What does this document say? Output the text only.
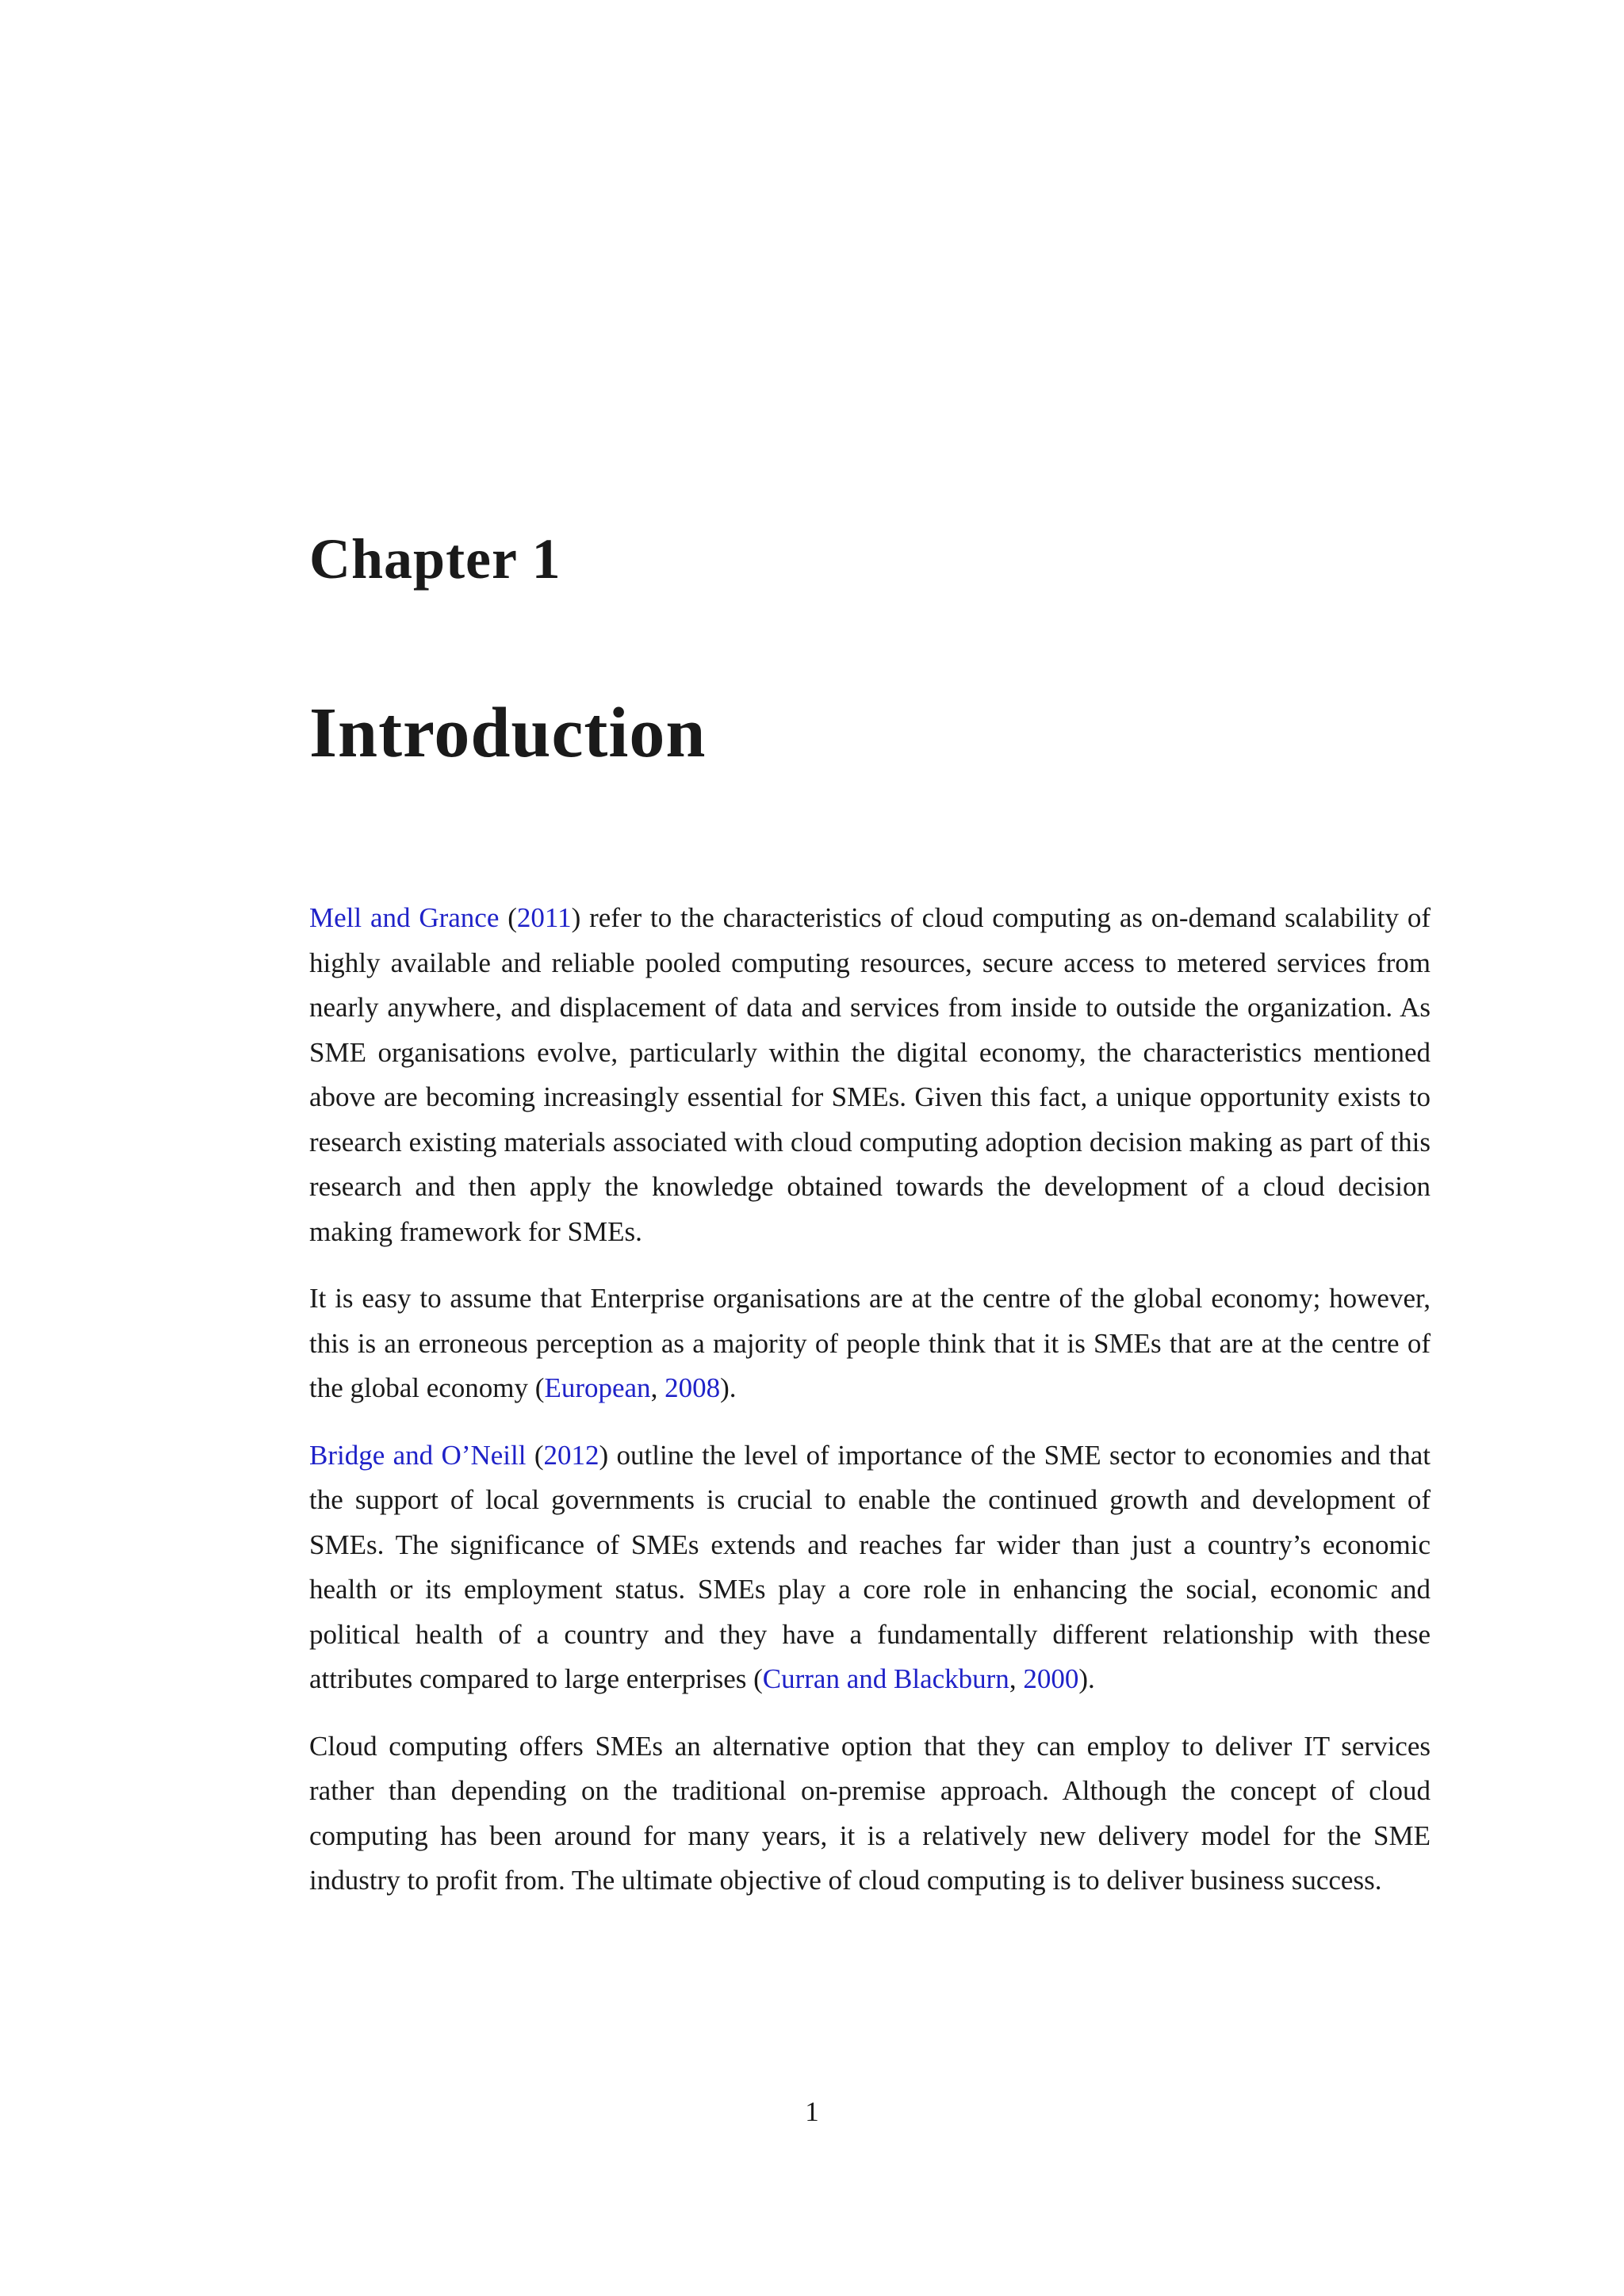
Chapter 1
Introduction

Mell and Grance (2011) refer to the characteristics of cloud computing as on-demand scalability of highly available and reliable pooled computing resources, secure access to metered services from nearly anywhere, and displacement of data and services from inside to outside the organization. As SME organisations evolve, particularly within the digital economy, the characteristics mentioned above are becoming increasingly essential for SMEs. Given this fact, a unique opportunity exists to research existing materials associated with cloud computing adoption decision making as part of this research and then apply the knowledge obtained towards the development of a cloud decision making framework for SMEs.

It is easy to assume that Enterprise organisations are at the centre of the global economy; however, this is an erroneous perception as a majority of people think that it is SMEs that are at the centre of the global economy (European, 2008).

Bridge and O’Neill (2012) outline the level of importance of the SME sector to economies and that the support of local governments is crucial to enable the continued growth and development of SMEs. The significance of SMEs extends and reaches far wider than just a country’s economic health or its employment status. SMEs play a core role in enhancing the social, economic and political health of a country and they have a fundamentally different relationship with these attributes compared to large enterprises (Curran and Blackburn, 2000).

Cloud computing offers SMEs an alternative option that they can employ to deliver IT services rather than depending on the traditional on-premise approach. Although the concept of cloud computing has been around for many years, it is a relatively new delivery model for the SME industry to profit from. The ultimate objective of cloud computing is to deliver business success.

1
